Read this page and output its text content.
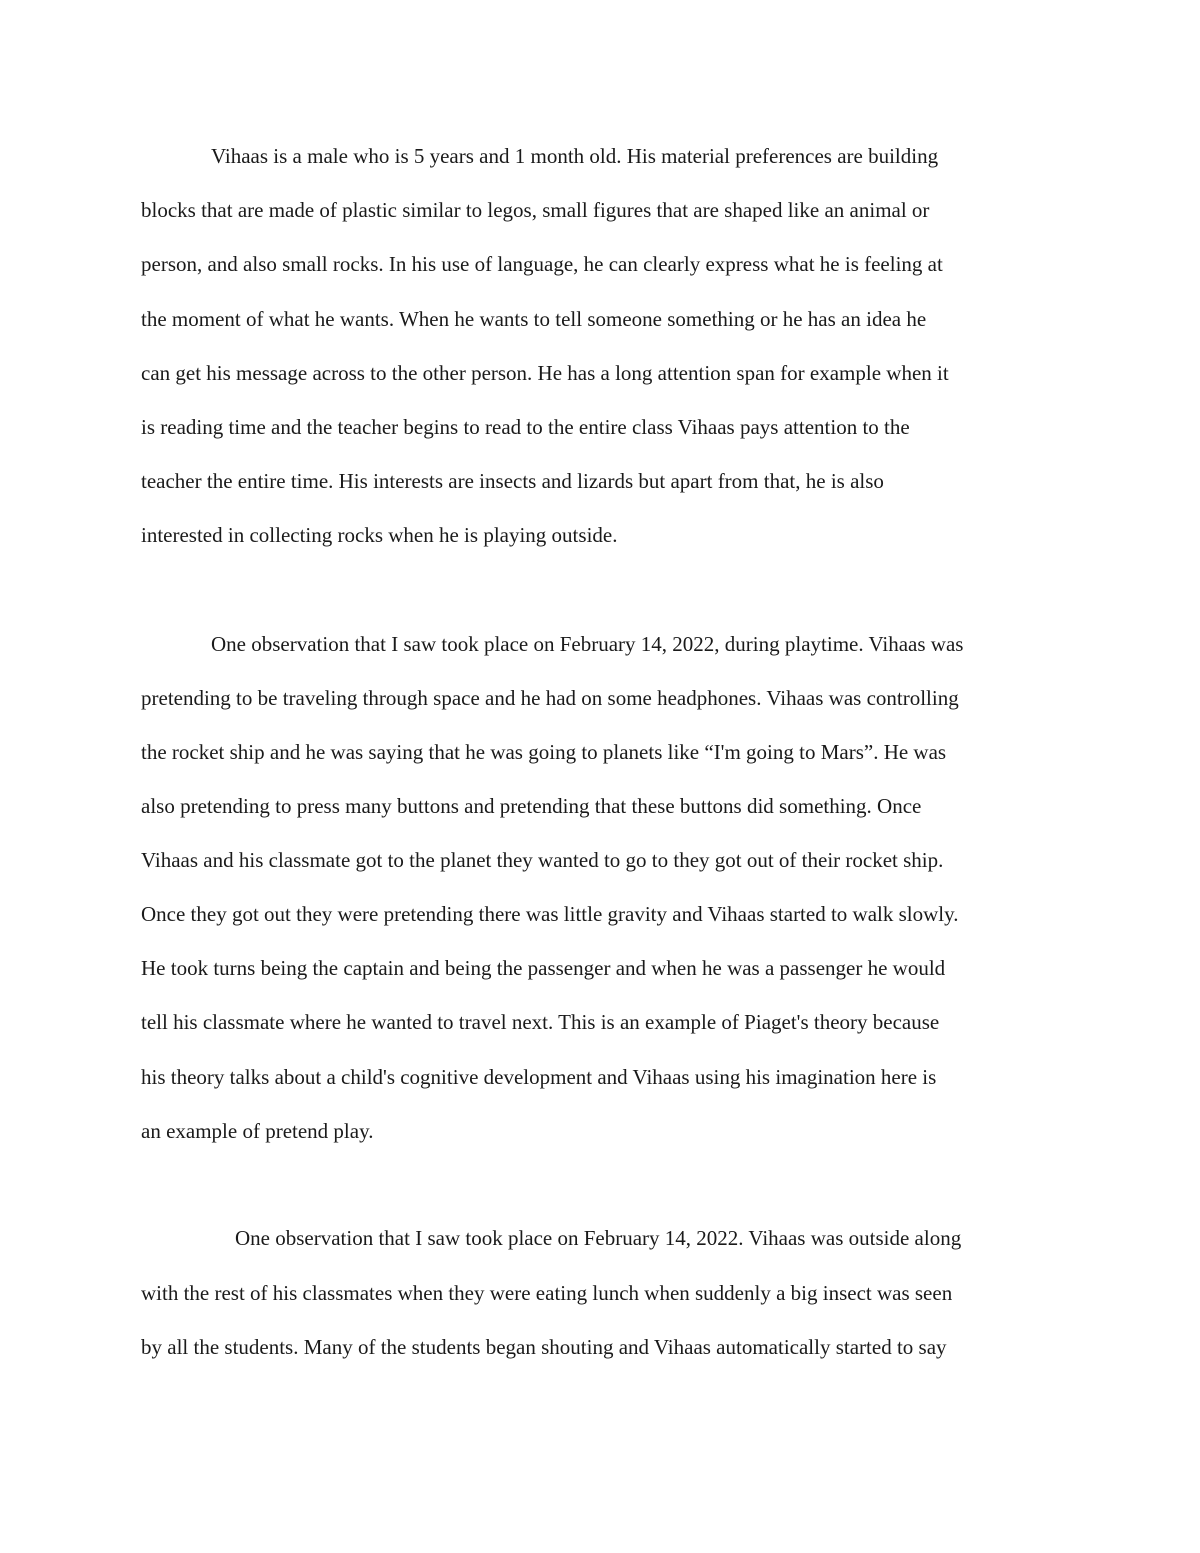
Vihaas is a male who is 5 years and 1 month old. His material preferences are building

blocks that are made of plastic similar to legos, small figures that are shaped like an animal or

person, and also small rocks. In his use of language, he can clearly express what he is feeling at

the moment of what he wants. When he wants to tell someone something or he has an idea he

can get his message across to the other person. He has a long attention span for example when it

is reading time and the teacher begins to read to the entire class Vihaas pays attention to the

teacher the entire time. His interests are insects and lizards but apart from that, he is also

interested in collecting rocks when he is playing outside.

One observation that I saw took place on February 14, 2022, during playtime. Vihaas was

pretending to be traveling through space and he had on some headphones. Vihaas was controlling

the rocket ship and he was saying that he was going to planets like “I'm going to Mars”. He was

also pretending to press many buttons and pretending that these buttons did something. Once

Vihaas and his classmate got to the planet they wanted to go to they got out of their rocket ship.

Once they got out they were pretending there was little gravity and Vihaas started to walk slowly.

He took turns being the captain and being the passenger and when he was a passenger he would

tell his classmate where he wanted to travel next. This is an example of Piaget's theory because

his theory talks about a child's cognitive development and Vihaas using his imagination here is

an example of pretend play.

One observation that I saw took place on February 14, 2022. Vihaas was outside along

with the rest of his classmates when they were eating lunch when suddenly a big insect was seen

by all the students. Many of the students began shouting and Vihaas automatically started to say
